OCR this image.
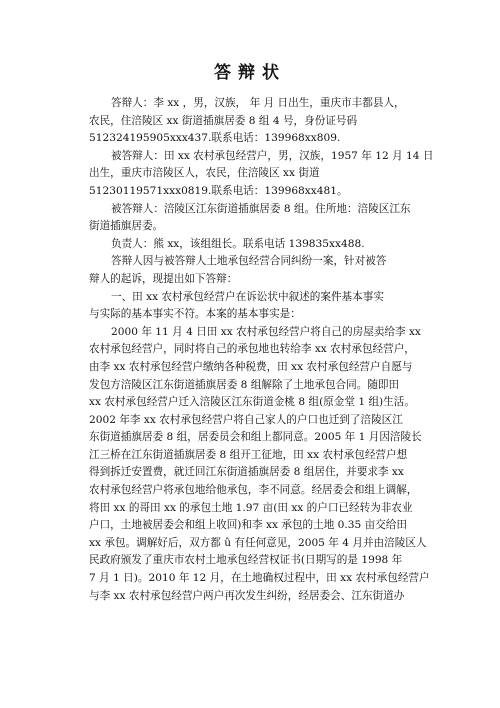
答辩状
答辩人：李 xx ，男，汉族， 年 月 日出生，重庆市丰都县人，
农民，住涪陵区 xx 街道插旗居委 8 组 4 号，身份证号码
512324195905xxx437.联系电话：139968xx809.
被答辩人：田 xx 农村承包经营户，男，汉族，1957 年 12 月 14 日
出生，重庆市涪陵区人，农民，住涪陵区 xx 街道
51230119571xxx0819.联系电话：139968xx481。
被答辩人：涪陵区江东街道插旗居委 8 组。住所地：涪陵区江东
街道插旗居委。
负责人：熊 xx，该组组长。联系电话 139835xx488.
答辩人因与被答辩人土地承包经营合同纠纷一案，针对被答
辩人的起诉，现提出如下答辩：
一、田 xx 农村承包经营户在诉讼状中叙述的案件基本事实
与实际的基本事实不符。本案的基本事实是：
2000 年 11 月 4 日田 xx 农村承包经营户将自己的房屋卖给李 xx
农村承包经营户，同时将自己的承包地也转给李 xx 农村承包经营户，
由李 xx 农村承包经营户缴纳各种税费，田 xx 农村承包经营户自愿与
发包方涪陵区江东街道插旗居委 8 组解除了土地承包合同。随即田
xx 农村承包经营户迁入涪陵区江东街道金桃 8 组(原金堂 1 组)生活。
2002 年李 xx 农村承包经营户将自己家人的户口也迁到了涪陵区江
东街道插旗居委 8 组，居委员会和组上都同意。2005 年 1 月因涪陵长
江三桥在江东街道插旗居委 8 组开工征地，田 xx 农村承包经营户想
得到拆迁安置费，就迁回江东街道插旗居委 8 组居住，并要求李 xx
农村承包经营户将承包地给他承包，李不同意。经居委会和组上调解，
将田 xx 的哥田 xx 的承包土地 1.97 亩(田 xx 的户口已经转为非农业
户口，土地被居委会和组上收回)和李 xx 承包的土地 0.35 亩交给田
xx 承包。调解好后，双方都 û 有任何意见，2005 年 4 月并由涪陵区人
民政府颁发了重庆市农村土地承包经营权证书(日期写的是 1998 年
7 月 1 日)。2010 年 12 月，在土地确权过程中，田 xx 农村承包经营户
与李 xx 农村承包经营户两户再次发生纠纷，经居委会、江东街道办
